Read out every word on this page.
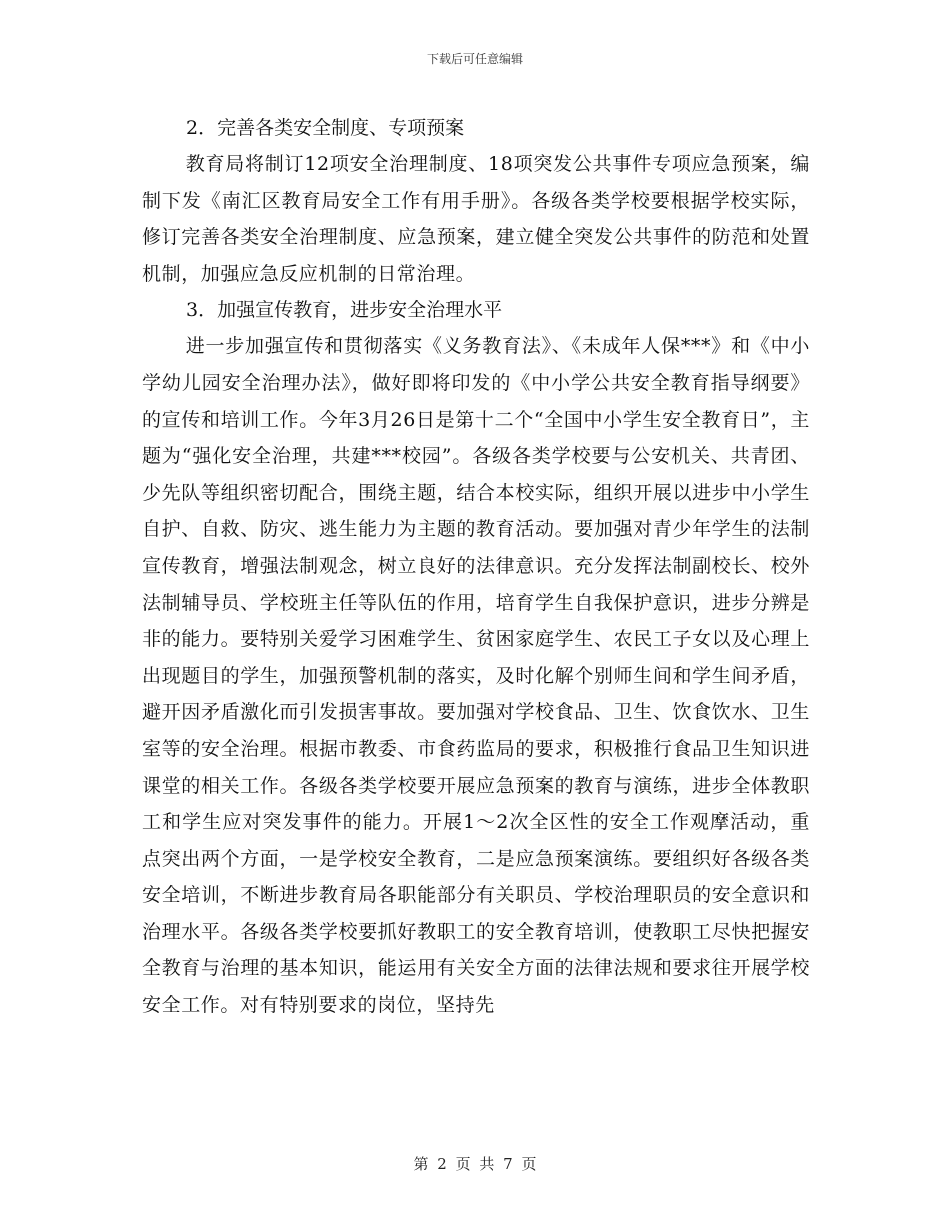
下载后可任意编辑
2．完善各类安全制度、专项预案

教育局将制订12项安全治理制度、18项突发公共事件专项应急预案，编制下发《南汇区教育局安全工作有用手册》。各级各类学校要根据学校实际，修订完善各类安全治理制度、应急预案，建立健全突发公共事件的防范和处置机制，加强应急反应机制的日常治理。

3．加强宣传教育，进步安全治理水平

进一步加强宣传和贯彻落实《义务教育法》、《未成年人保***》和《中小学幼儿园安全治理办法》，做好即将印发的《中小学公共安全教育指导纲要》的宣传和培训工作。今年3月26日是第十二个“全国中小学生安全教育日”，主题为“强化安全治理，共建***校园”。各级各类学校要与公安机关、共青团、少先队等组织密切配合，围绕主题，结合本校实际，组织开展以进步中小学生自护、自救、防灾、逃生能力为主题的教育活动。要加强对青少年学生的法制宣传教育，增强法制观念，树立良好的法律意识。充分发挥法制副校长、校外法制辅导员、学校班主任等队伍的作用，培育学生自我保护意识，进步分辨是非的能力。要特别关爱学习困难学生、贫困家庭学生、农民工子女以及心理上出现题目的学生，加强预警机制的落实，及时化解个别师生间和学生间矛盾，避开因矛盾激化而引发损害事故。要加强对学校食品、卫生、饮食饮水、卫生室等的安全治理。根据市教委、市食药监局的要求，积极推行食品卫生知识进课堂的相关工作。各级各类学校要开展应急预案的教育与演练，进步全体教职工和学生应对突发事件的能力。开展1～2次全区性的安全工作观摩活动，重点突出两个方面，一是学校安全教育，二是应急预案演练。要组织好各级各类安全培训，不断进步教育局各职能部分有关职员、学校治理职员的安全意识和治理水平。各级各类学校要抓好教职工的安全教育培训，使教职工尽快把握安全教育与治理的基本知识，能运用有关安全方面的法律法规和要求往开展学校安全工作。对有特别要求的岗位，坚持先

第 2 页 共 7 页
